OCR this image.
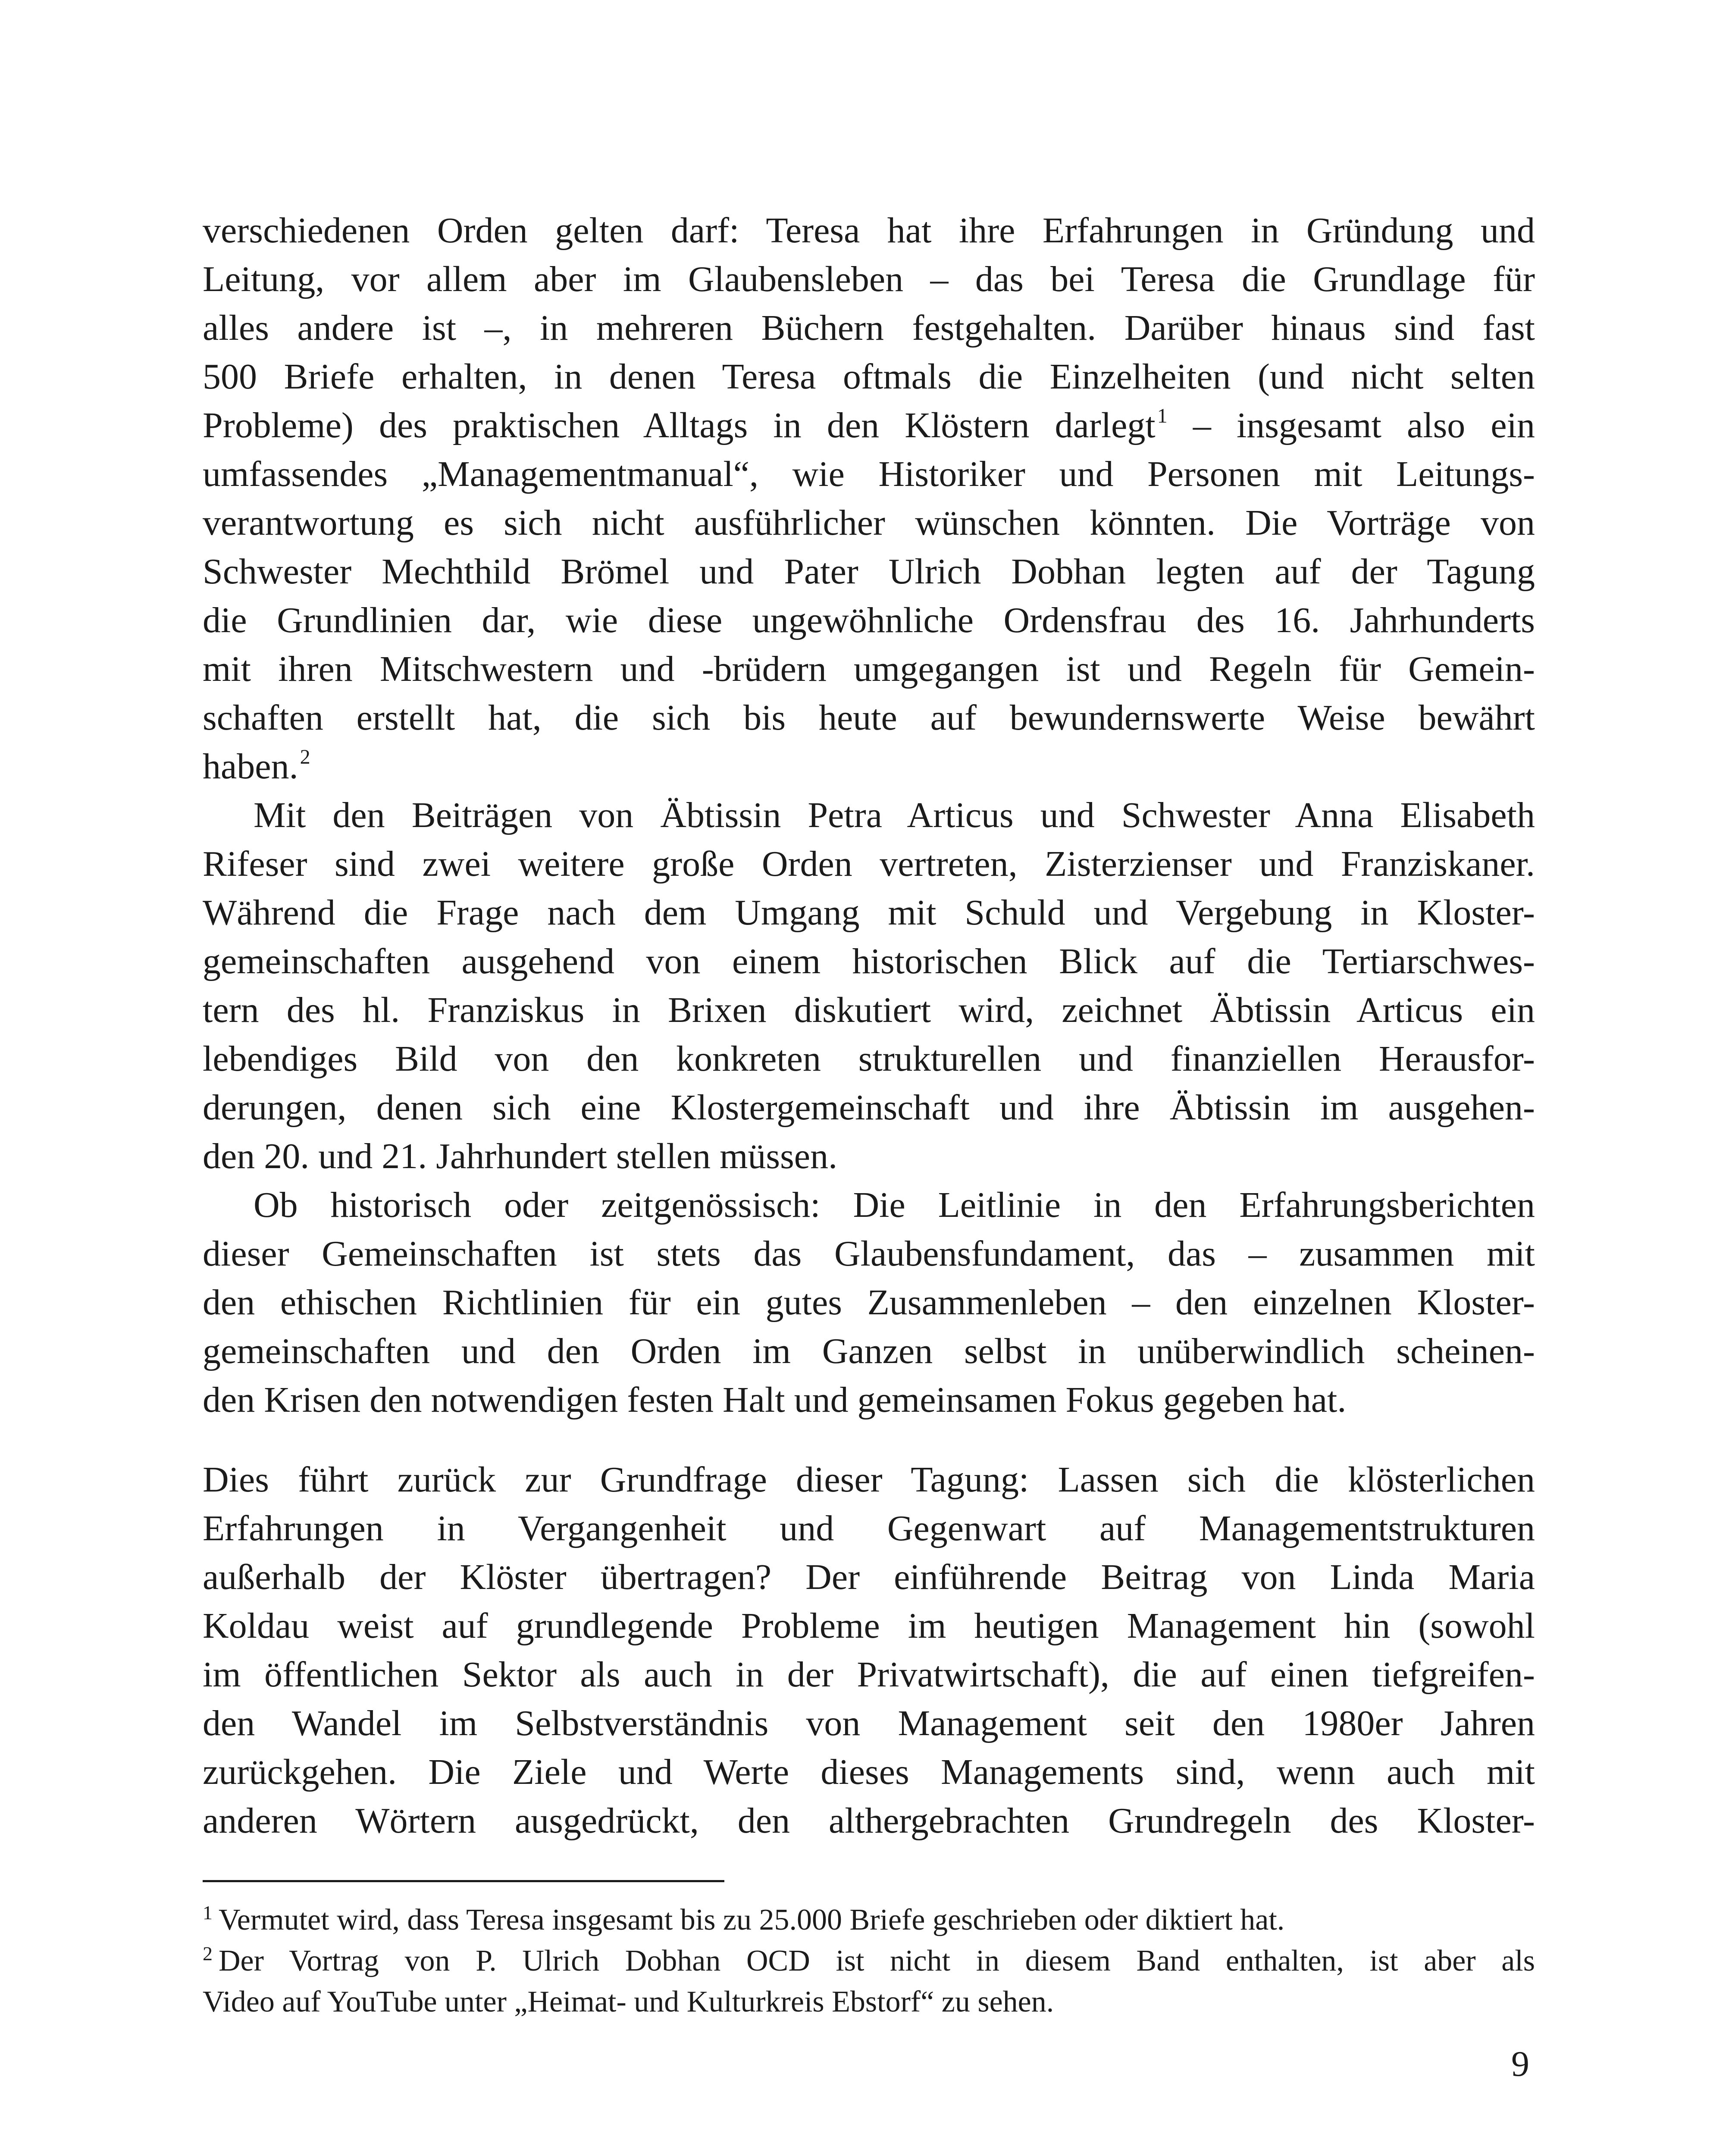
verschiedenen Orden gelten darf: Teresa hat ihre Erfahrungen in Gründung und
Leitung, vor allem aber im Glaubensleben – das bei Teresa die Grundlage für
alles andere ist –, in mehreren Büchern festgehalten. Darüber hinaus sind fast
500 Briefe erhalten, in denen Teresa oftmals die Einzelheiten (und nicht selten
Probleme) des praktischen Alltags in den Klöstern darlegt$^1$ – insgesamt also ein
umfassendes „Managementmanual“, wie Historiker und Personen mit Leitungs-
verantwortung es sich nicht ausführlicher wünschen könnten. Die Vorträge von
Schwester Mechthild Brömel und Pater Ulrich Dobhan legten auf der Tagung
die Grundlinien dar, wie diese ungewöhnliche Ordensfrau des 16. Jahrhunderts
mit ihren Mitschwestern und -brüdern umgegangen ist und Regeln für Gemein-
schaften erstellt hat, die sich bis heute auf bewundernswerte Weise bewährt
haben.$^2$
Mit den Beiträgen von Äbtissin Petra Articus und Schwester Anna Elisabeth
Rifeser sind zwei weitere große Orden vertreten, Zisterzienser und Franziskaner.
Während die Frage nach dem Umgang mit Schuld und Vergebung in Kloster-
gemeinschaften ausgehend von einem historischen Blick auf die Tertiarschwes-
tern des hl. Franziskus in Brixen diskutiert wird, zeichnet Äbtissin Articus ein
lebendiges Bild von den konkreten strukturellen und finanziellen Herausfor-
derungen, denen sich eine Klostergemeinschaft und ihre Äbtissin im ausgehen-
den 20. und 21. Jahrhundert stellen müssen.
Ob historisch oder zeitgenössisch: Die Leitlinie in den Erfahrungsberichten
dieser Gemeinschaften ist stets das Glaubensfundament, das – zusammen mit
den ethischen Richtlinien für ein gutes Zusammenleben – den einzelnen Kloster-
gemeinschaften und den Orden im Ganzen selbst in unüberwindlich scheinen-
den Krisen den notwendigen festen Halt und gemeinsamen Fokus gegeben hat.
Dies führt zurück zur Grundfrage dieser Tagung: Lassen sich die klösterlichen
Erfahrungen in Vergangenheit und Gegenwart auf Managementstrukturen
außerhalb der Klöster übertragen? Der einführende Beitrag von Linda Maria
Koldau weist auf grundlegende Probleme im heutigen Management hin (sowohl
im öffentlichen Sektor als auch in der Privatwirtschaft), die auf einen tiefgreifen-
den Wandel im Selbstverständnis von Management seit den 1980er Jahren
zurückgehen. Die Ziele und Werte dieses Managements sind, wenn auch mit
anderen Wörtern ausgedrückt, den althergebrachten Grundregeln des Kloster-
$^1$ Vermutet wird, dass Teresa insgesamt bis zu 25.000 Briefe geschrieben oder diktiert hat.
$^2$ Der Vortrag von P. Ulrich Dobhan OCD ist nicht in diesem Band enthalten, ist aber als
Video auf YouTube unter „Heimat- und Kulturkreis Ebstorf“ zu sehen.
9
